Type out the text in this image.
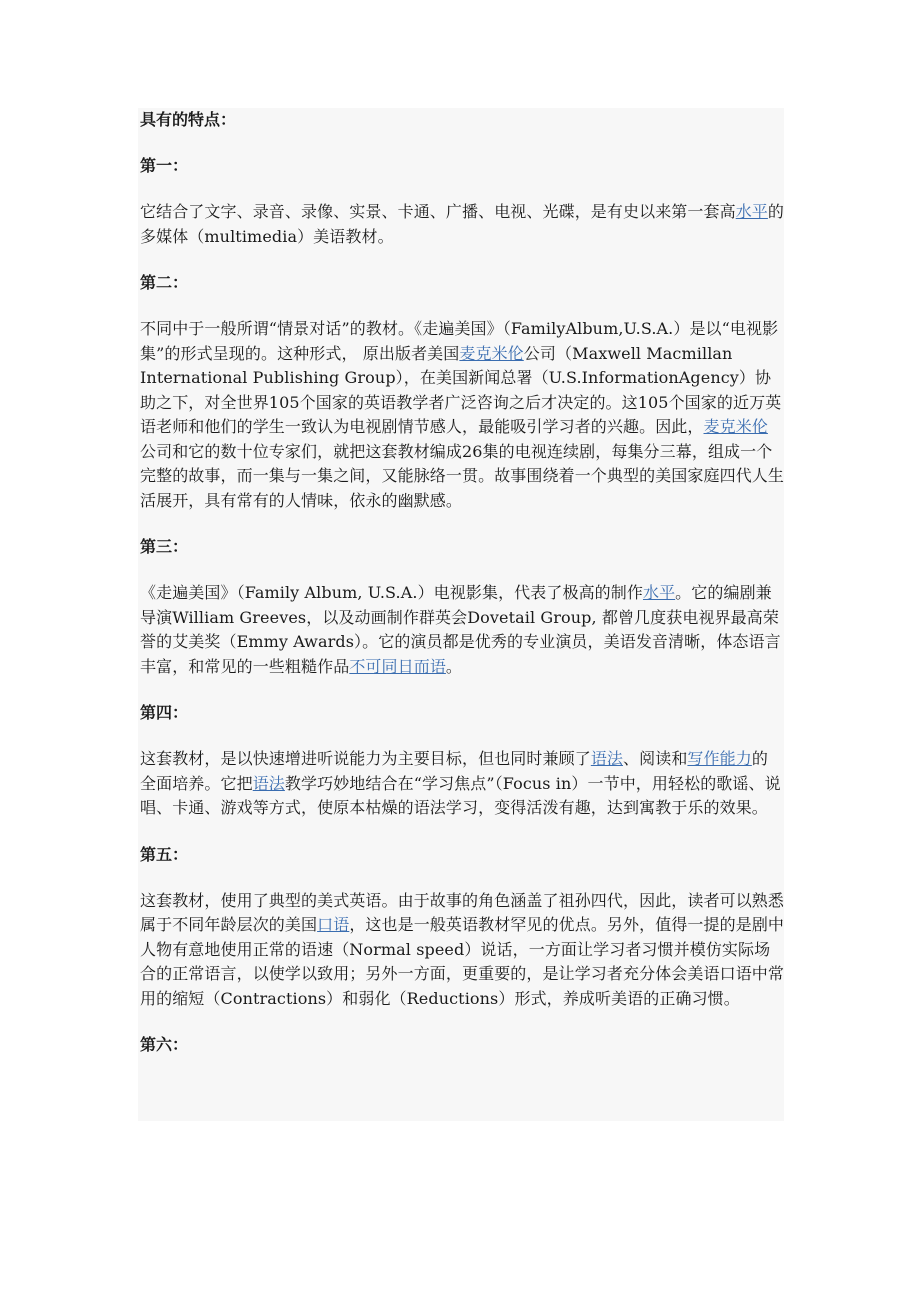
具有的特点：

第一：

它结合了文字、录音、录像、实景、卡通、广播、电视、光碟，是有史以来第一套高水平的多媒体（multimedia）美语教材。

第二：

不同中于一般所谓“情景对话”的教材。《走遍美国》（FamilyAlbum,U.S.A.）是以“电视影集”的形式呈现的。这种形式， 原出版者美国麦克米伦公司（Maxwell Macmillan International Publishing Group），在美国新闻总署（U.S.InformationAgency）协助之下，对全世界105个国家的英语教学者广泛咨询之后才决定的。这105个国家的近万英语老师和他们的学生一致认为电视剧情节感人，最能吸引学习者的兴趣。因此，麦克米伦公司和它的数十位专家们，就把这套教材编成26集的电视连续剧，每集分三幕，组成一个完整的故事，而一集与一集之间，又能脉络一贯。故事围绕着一个典型的美国家庭四代人生活展开，具有常有的人情味，依永的幽默感。

第三：

《走遍美国》（Family Album, U.S.A.）电视影集，代表了极高的制作水平。它的编剧兼导演William Greeves，以及动画制作群英会Dovetail Group, 都曾几度获电视界最高荣誉的艾美奖（Emmy Awards）。它的演员都是优秀的专业演员，美语发音清晰，体态语言丰富，和常见的一些粗糙作品不可同日而语。

第四：

这套教材，是以快速增进听说能力为主要目标，但也同时兼顾了语法、阅读和写作能力的全面培养。它把语法教学巧妙地结合在“学习焦点”（Focus in）一节中，用轻松的歌谣、说唱、卡通、游戏等方式，使原本枯燥的语法学习，变得活泼有趣，达到寓教于乐的效果。

第五：

这套教材，使用了典型的美式英语。由于故事的角色涵盖了祖孙四代，因此，读者可以熟悉属于不同年龄层次的美国口语，这也是一般英语教材罕见的优点。另外，值得一提的是剧中人物有意地使用正常的语速（Normal speed）说话，一方面让学习者习惯并模仿实际场合的正常语言，以使学以致用；另外一方面，更重要的，是让学习者充分体会美语口语中常用的缩短（Contractions）和弱化（Reductions）形式，养成听美语的正确习惯。

第六：
